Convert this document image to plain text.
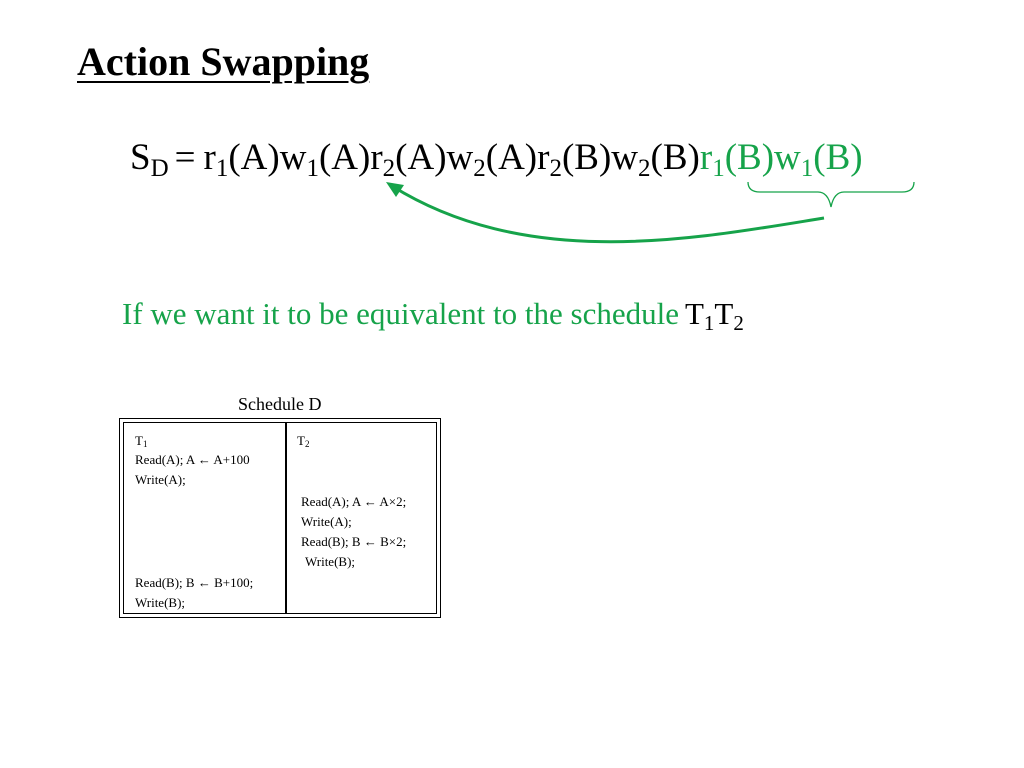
Action Swapping
$S_D = r_1(A)w_1(A)r_2(A)w_2(A)r_2(B)w_2(B)r_1(B)w_1(B)$
If we want it to be equivalent to the schedule $T_1T_2$
Schedule D
$T_1$	$T_2$
Read(A); A ← A+100
Write(A);
Read(A); A ← A×2;
Write(A);
Read(B); B ← B×2;
Write(B);
Read(B); B ← B+100;
Write(B);
